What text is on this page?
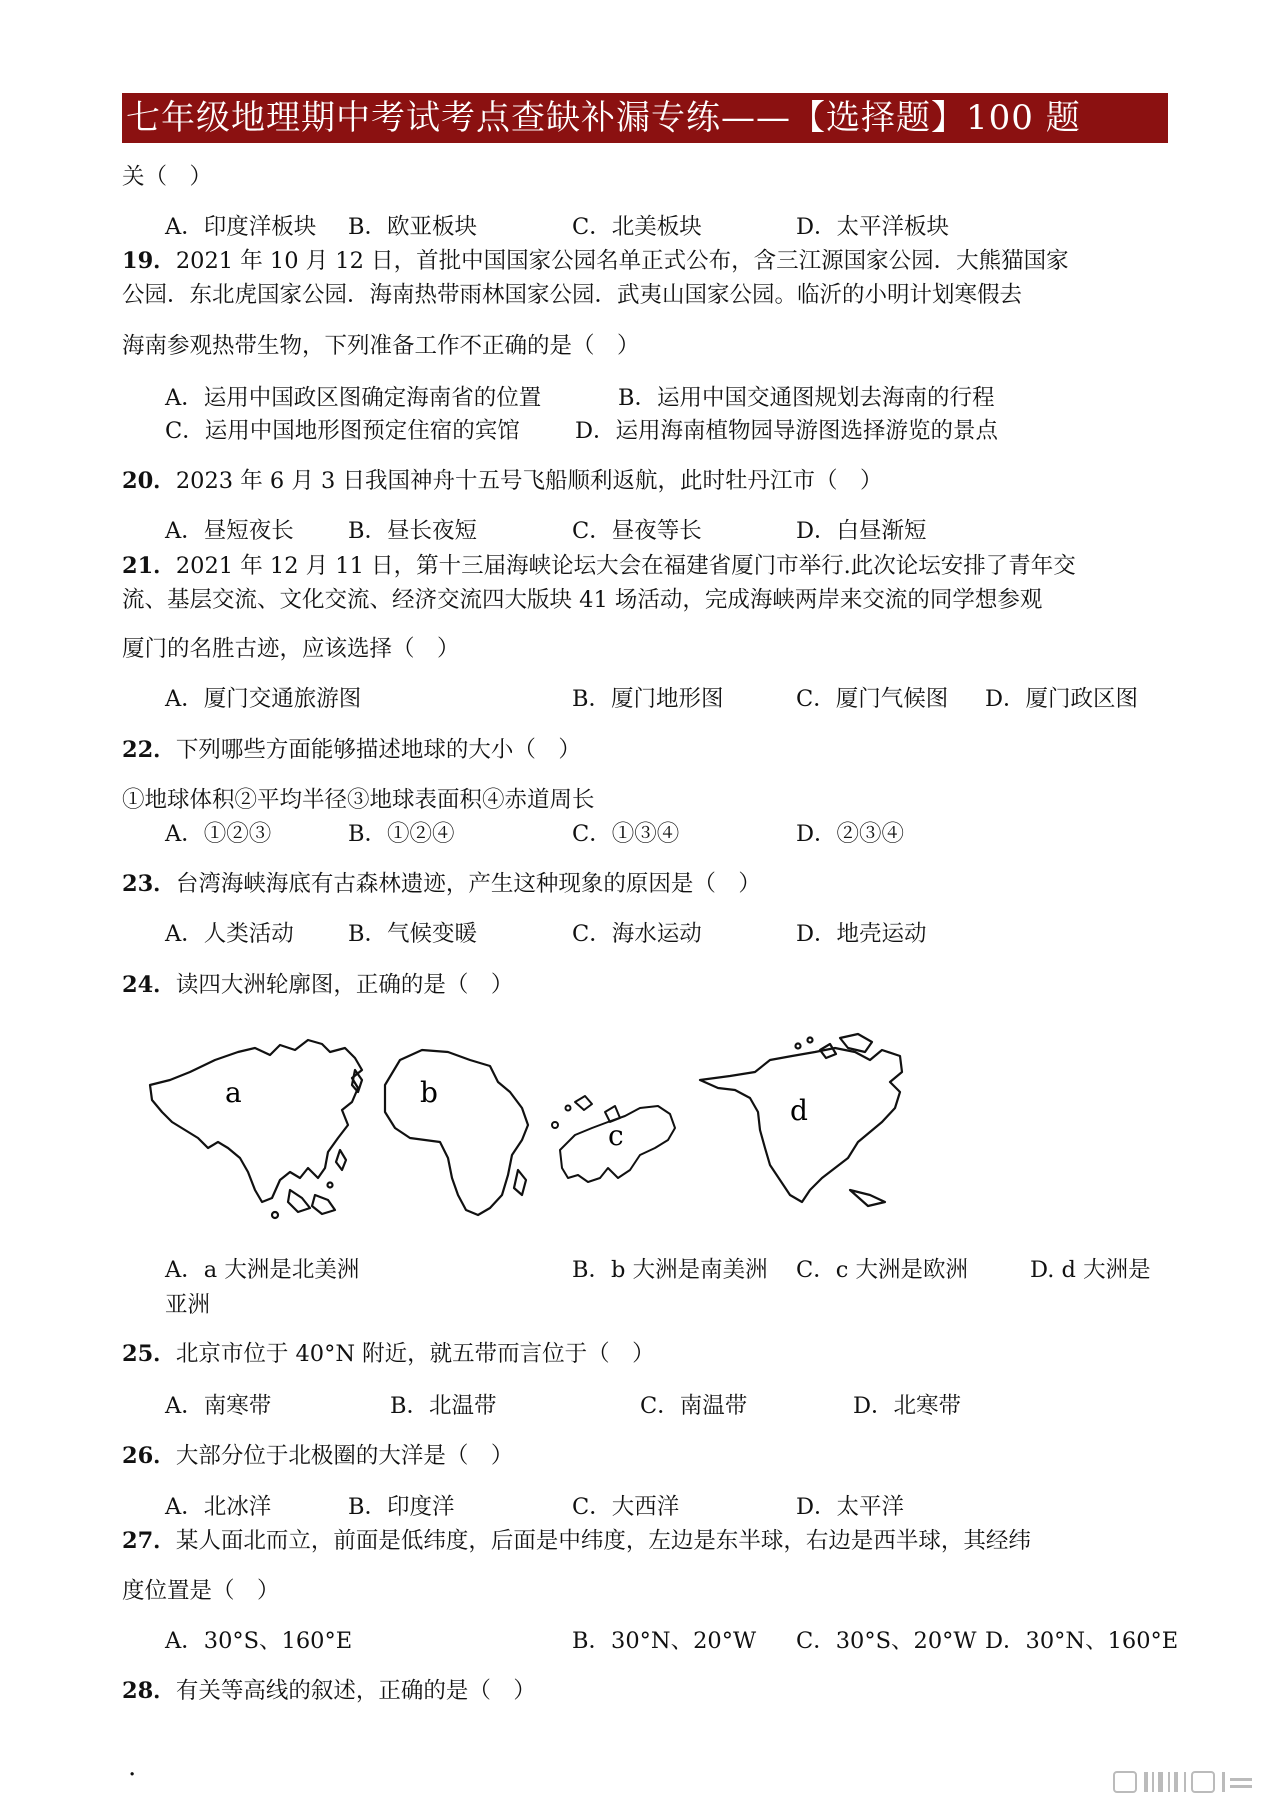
七年级地理期中考试考点查缺补漏专练——【选择题】100 题
关（　）
A．印度洋板块 B．欧亚板块	C．北美板块	D．太平洋板块
19．2021 年 10 月 12 日，首批中国国家公园名单正式公布，含三江源国家公园．大熊猫国家
公园．东北虎国家公园．海南热带雨林国家公园．武夷山国家公园。临沂的小明计划寒假去
海南参观热带生物，下列准备工作不正确的是（　）
A．运用中国政区图确定海南省的位置	B．运用中国交通图规划去海南的行程
C．运用中国地形图预定住宿的宾馆 D．运用海南植物园导游图选择游览的景点
20．2023 年 6 月 3 日我国神舟十五号飞船顺利返航，此时牡丹江市（　）
A．昼短夜长 B．昼长夜短	C．昼夜等长	D．白昼渐短
21．2021 年 12 月 11 日，第十三届海峡论坛大会在福建省厦门市举行.此次论坛安排了青年交
流、基层交流、文化交流、经济交流四大版块 41 场活动，完成海峡两岸来交流的同学想参观
厦门的名胜古迹，应该选择（　）
A．厦门交通旅游图	B．厦门地形图	C．厦门气候图 D．厦门政区图
22．下列哪些方面能够描述地球的大小（　）
①地球体积②平均半径③地球表面积④赤道周长
A．①②③	B．①②④	C．①③④	D．②③④
23．台湾海峡海底有古森林遗迹，产生这种现象的原因是（　）
A．人类活动 B．气候变暖	C．海水运动	D．地壳运动
24．读四大洲轮廓图，正确的是（　）
a	b
c
d
A．a 大洲是北美洲	B．b 大洲是南美洲 C．c 大洲是欧洲	D. d 大洲是
亚洲
25．北京市位于 40°N 附近，就五带而言位于（　）
A．南寒带	B．北温带	C．南温带	D．北寒带
26．大部分位于北极圈的大洋是（　）
A．北冰洋	B．印度洋	C．大西洋	D．太平洋
27．某人面北而立，前面是低纬度，后面是中纬度，左边是东半球，右边是西半球，其经纬
度位置是（　）
A．30°S、160°E	B．30°N、20°W C．30°S、20°W D．30°N、160°E
28．有关等高线的叙述，正确的是（　）
.
